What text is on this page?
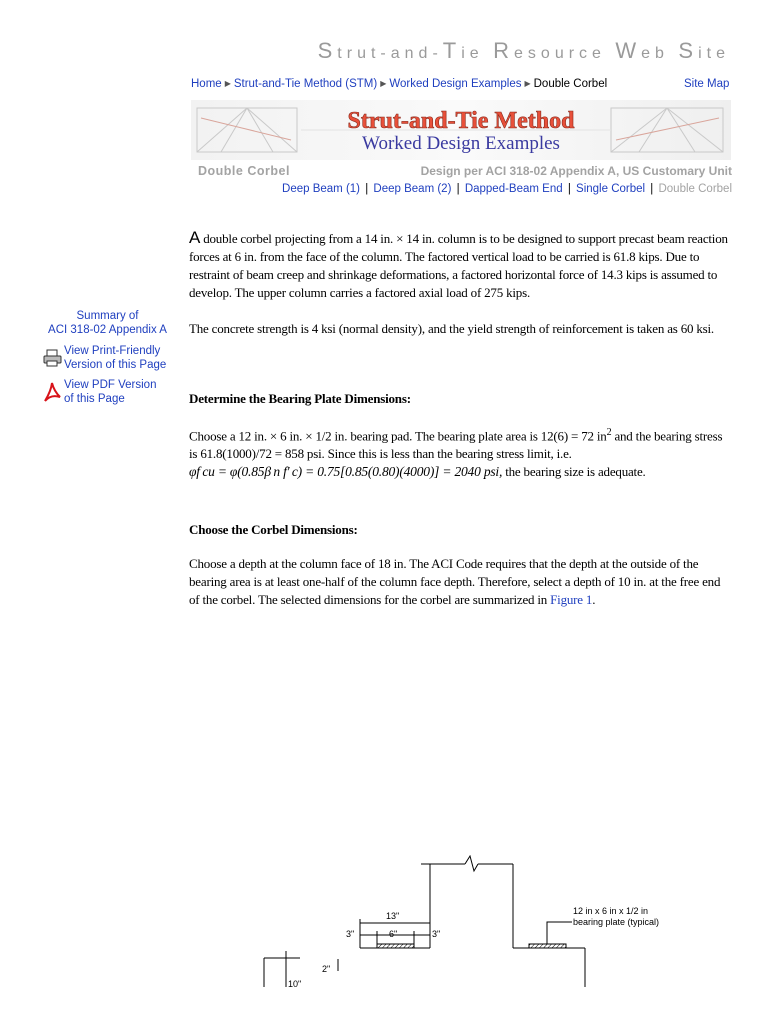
Strut-and-Tie Resource Web Site
Home ▶ Strut-and-Tie Method (STM) ▶ Worked Design Examples ▶ Double Corbel	Site Map
Strut-and-Tie Method
Worked Design Examples
Double Corbel	Design per ACI 318-02 Appendix A, US Customary Unit
Deep Beam (1) | Deep Beam (2) | Dapped-Beam End | Single Corbel | Double Corbel
Summary of
ACI 318-02 Appendix A
View Print-Friendly
Version of this Page
View PDF Version
of this Page

A double corbel projecting from a 14 in. × 14 in. column is to be designed to support precast beam reaction forces at 6 in. from the face of the column. The factored vertical load to be carried is 61.8 kips. Due to restraint of beam creep and shrinkage deformations, a factored horizontal force of 14.3 kips is assumed to develop. The upper column carries a factored axial load of 275 kips.

The concrete strength is 4 ksi (normal density), and the yield strength of reinforcement is taken as 60 ksi.

Determine the Bearing Plate Dimensions:

Choose a 12 in. × 6 in. × 1/2 in. bearing pad. The bearing plate area is 12(6) = 72 $in^2$ and the bearing stress is 61.8(1000)/72 = 858 psi. Since this is less than the bearing stress limit, i.e.
φf cu = φ(0.85β n f′ c) = 0.75[0.85(0.80)(4000)] = 2040 psi, the bearing size is adequate.

Choose the Corbel Dimensions:

Choose a depth at the column face of 18 in. The ACI Code requires that the depth at the outside of the bearing area is at least one-half of the column face depth. Therefore, select a depth of 10 in. at the free end of the corbel. The selected dimensions for the corbel are summarized in Figure 1.

13"
3"	6"	3"
2"
10"
12 in x 6 in x 1/2 in
bearing plate (typical)
